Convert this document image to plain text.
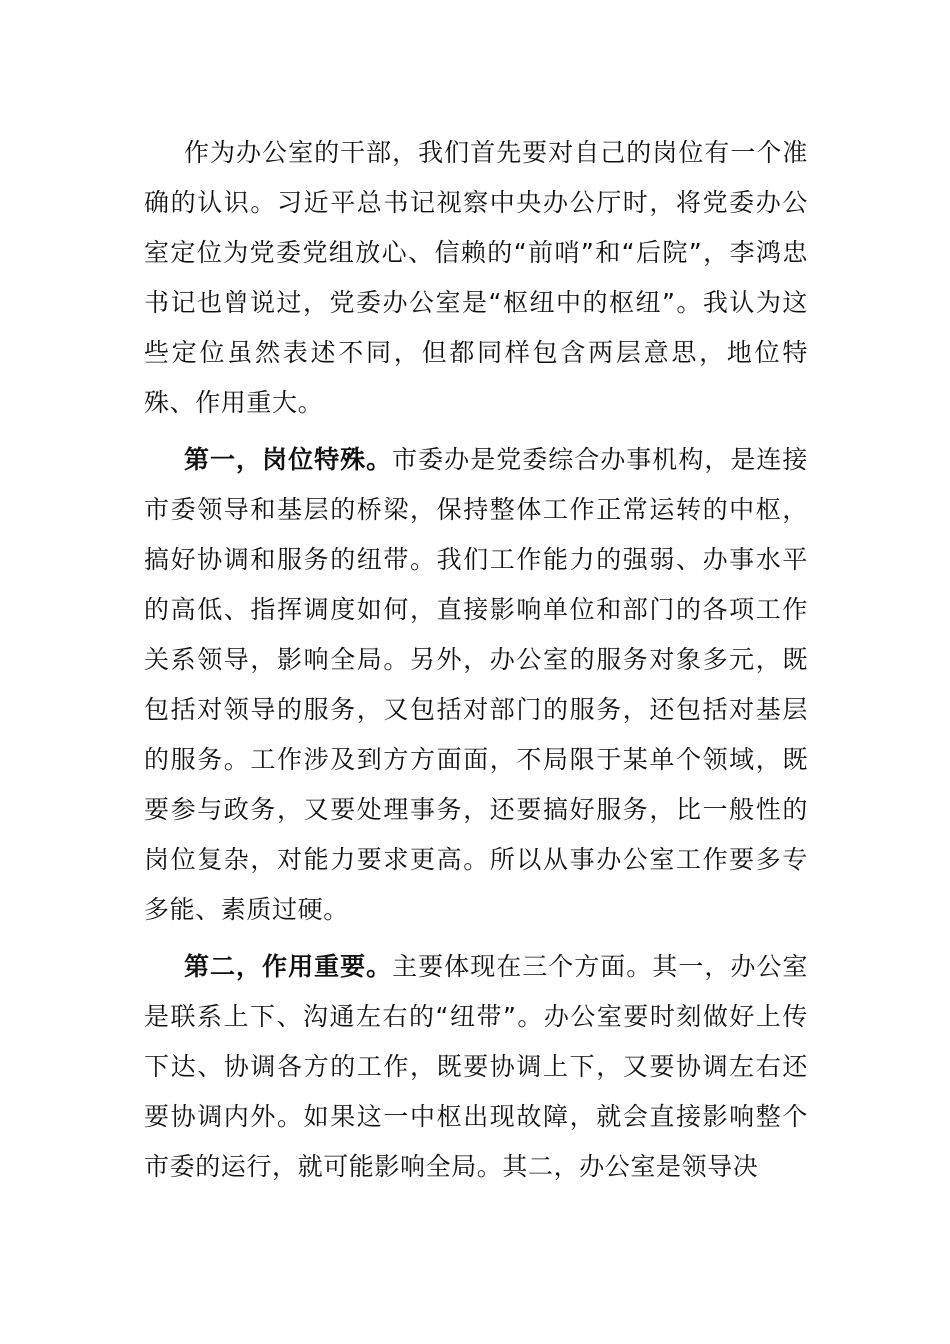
作为办公室的干部，我们首先要对自己的岗位有一个准确的认识。习近平总书记视察中央办公厅时，将党委办公室定位为党委党组放心、信赖的“前哨”和“后院”，李鸿忠书记也曾说过，党委办公室是“枢纽中的枢纽”。我认为这些定位虽然表述不同，但都同样包含两层意思，地位特殊、作用重大。

第一，岗位特殊。市委办是党委综合办事机构，是连接市委领导和基层的桥梁，保持整体工作正常运转的中枢，搞好协调和服务的纽带。我们工作能力的强弱、办事水平的高低、指挥调度如何，直接影响单位和部门的各项工作关系领导，影响全局。另外，办公室的服务对象多元，既包括对领导的服务，又包括对部门的服务，还包括对基层的服务。工作涉及到方方面面，不局限于某单个领域，既要参与政务，又要处理事务，还要搞好服务，比一般性的岗位复杂，对能力要求更高。所以从事办公室工作要多专多能、素质过硬。

第二，作用重要。主要体现在三个方面。其一，办公室是联系上下、沟通左右的“纽带”。办公室要时刻做好上传下达、协调各方的工作，既要协调上下，又要协调左右还要协调内外。如果这一中枢出现故障，就会直接影响整个市委的运行，就可能影响全局。其二，办公室是领导决
